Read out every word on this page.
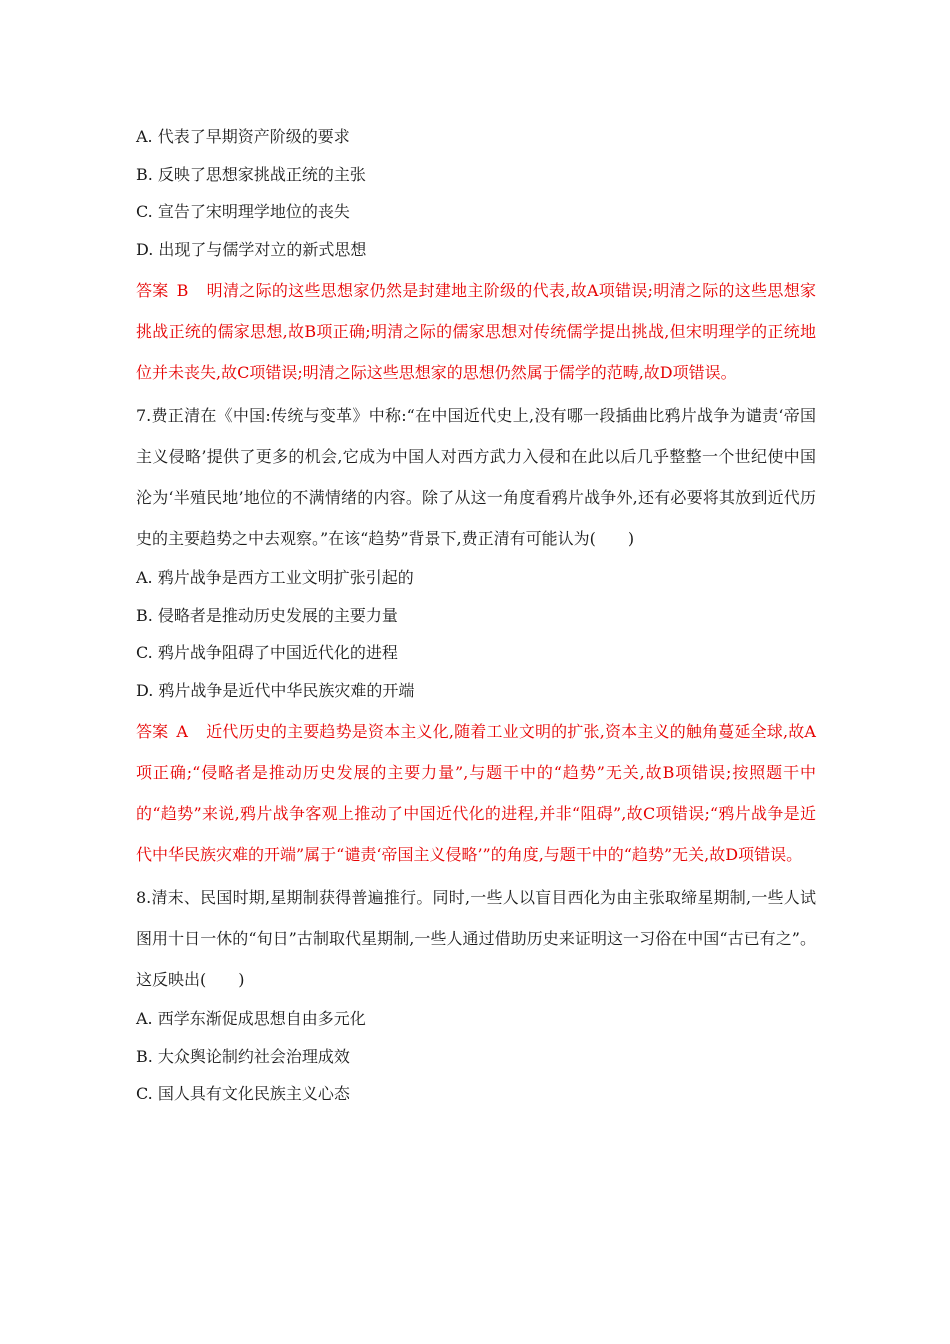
A. 代表了早期资产阶级的要求

B. 反映了思想家挑战正统的主张

C. 宣告了宋明理学地位的丧失

D. 出现了与儒学对立的新式思想

答案 B 明清之际的这些思想家仍然是封建地主阶级的代表,故A项错误;明清之际的这些思想家挑战正统的儒家思想,故B项正确;明清之际的儒家思想对传统儒学提出挑战,但宋明理学的正统地位并未丧失,故C项错误;明清之际这些思想家的思想仍然属于儒学的范畴,故D项错误。

7.费正清在《中国:传统与变革》中称:“在中国近代史上,没有哪一段插曲比鸦片战争为谴责‘帝国主义侵略’提供了更多的机会,它成为中国人对西方武力入侵和在此以后几乎整整一个世纪使中国沦为‘半殖民地’地位的不满情绪的内容。除了从这一角度看鸦片战争外,还有必要将其放到近代历史的主要趋势之中去观察。”在该“趋势”背景下,费正清有可能认为(　　)

A. 鸦片战争是西方工业文明扩张引起的

B. 侵略者是推动历史发展的主要力量

C. 鸦片战争阻碍了中国近代化的进程

D. 鸦片战争是近代中华民族灾难的开端

答案 A 近代历史的主要趋势是资本主义化,随着工业文明的扩张,资本主义的触角蔓延全球,故A项正确;“侵略者是推动历史发展的主要力量”,与题干中的“趋势”无关,故B项错误;按照题干中的“趋势”来说,鸦片战争客观上推动了中国近代化的进程,并非“阻碍”,故C项错误;“鸦片战争是近代中华民族灾难的开端”属于“谴责‘帝国主义侵略’”的角度,与题干中的“趋势”无关,故D项错误。

8.清末、民国时期,星期制获得普遍推行。同时,一些人以盲目西化为由主张取缔星期制,一些人试图用十日一休的“旬日”古制取代星期制,一些人通过借助历史来证明这一习俗在中国“古已有之”。这反映出(　　)

A. 西学东渐促成思想自由多元化

B. 大众舆论制约社会治理成效

C. 国人具有文化民族主义心态
